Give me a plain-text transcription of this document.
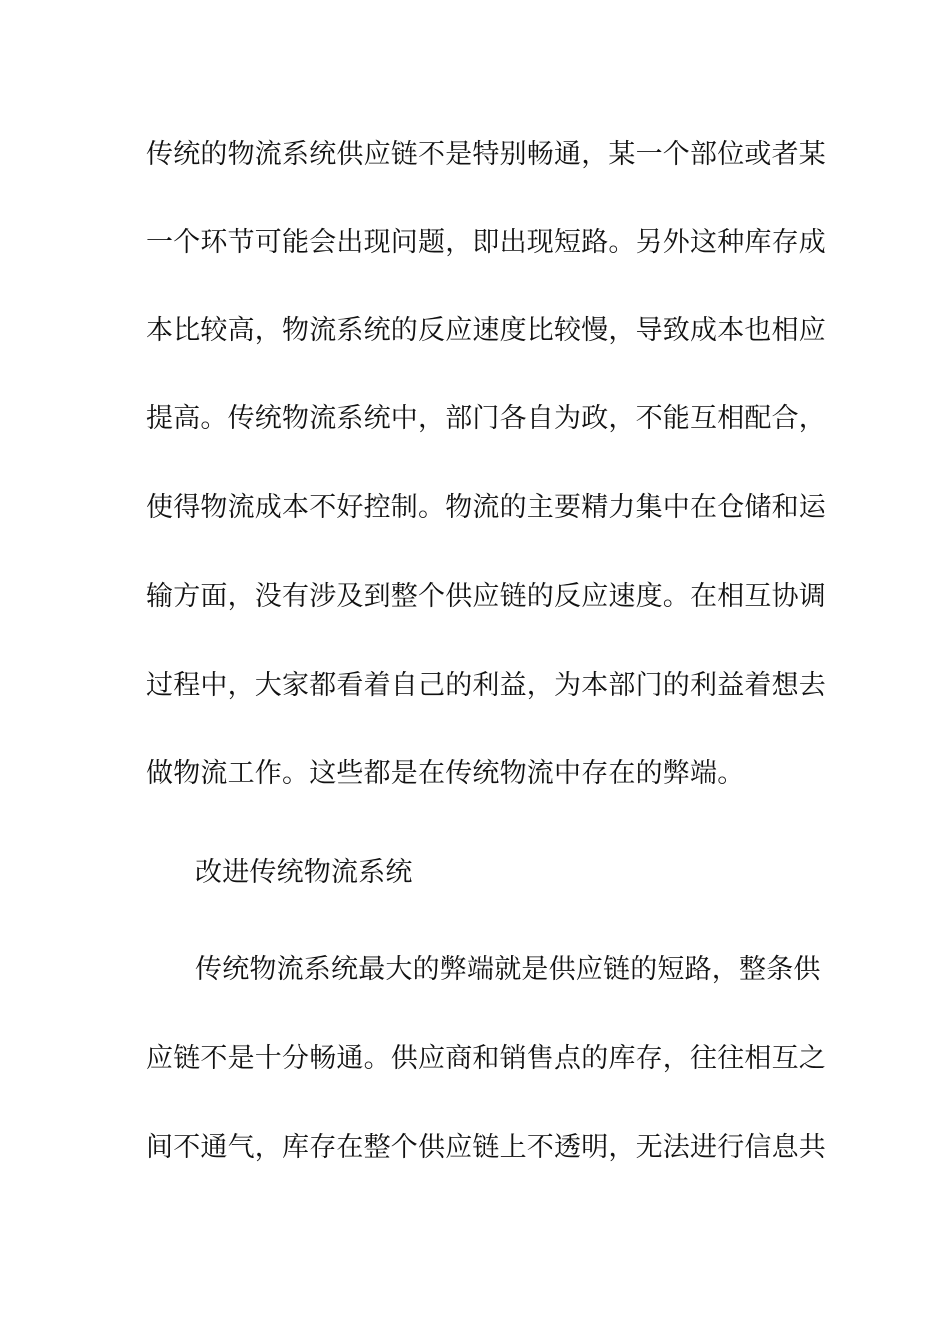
传统的物流系统供应链不是特别畅通，某一个部位或者某
一个环节可能会出现问题，即出现短路。另外这种库存成
本比较高，物流系统的反应速度比较慢，导致成本也相应
提高。传统物流系统中，部门各自为政，不能互相配合，
使得物流成本不好控制。物流的主要精力集中在仓储和运
输方面，没有涉及到整个供应链的反应速度。在相互协调
过程中，大家都看着自己的利益，为本部门的利益着想去
做物流工作。这些都是在传统物流中存在的弊端。
改进传统物流系统
传统物流系统最大的弊端就是供应链的短路，整条供
应链不是十分畅通。供应商和销售点的库存，往往相互之
间不通气，库存在整个供应链上不透明，无法进行信息共
